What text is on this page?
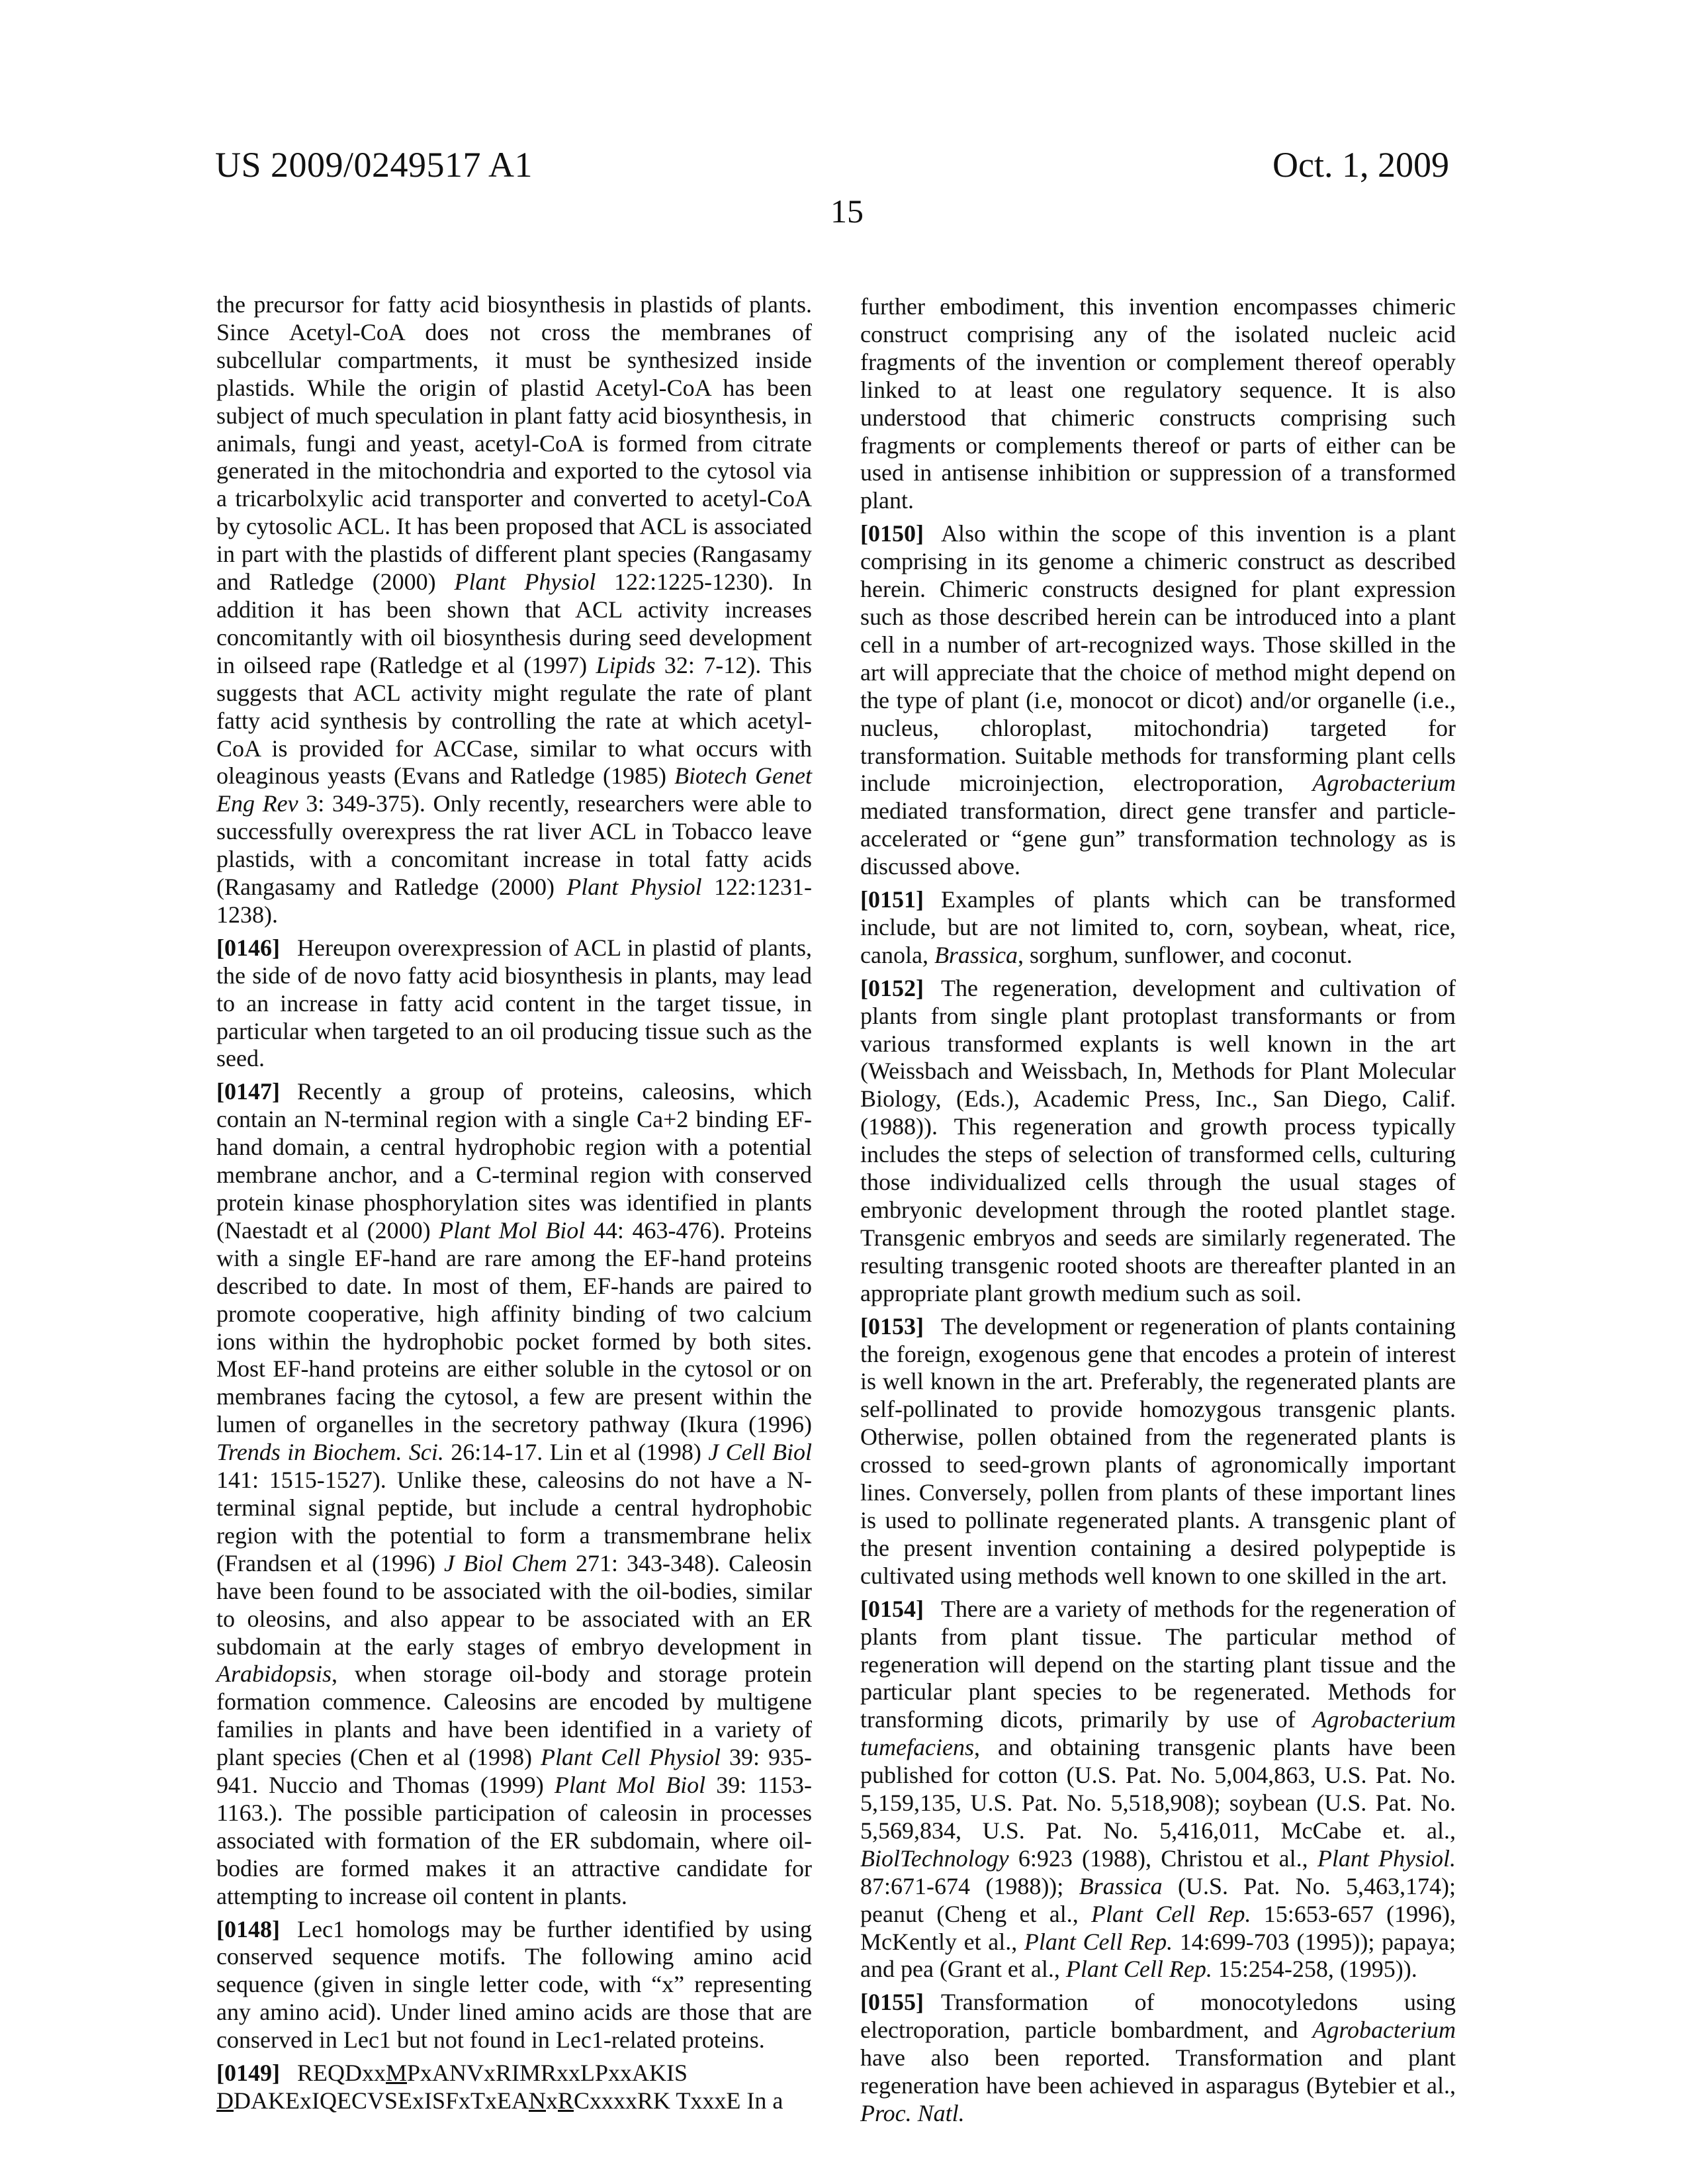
US 2009/0249517 A1	Oct. 1, 2009
15

the precursor for fatty acid biosynthesis in plastids of plants. Since Acetyl-CoA does not cross the membranes of subcellular compartments, it must be synthesized inside plastids. While the origin of plastid Acetyl-CoA has been subject of much speculation in plant fatty acid biosynthesis, in animals, fungi and yeast, acetyl-CoA is formed from citrate generated in the mitochondria and exported to the cytosol via a tricarbolxylic acid transporter and converted to acetyl-CoA by cytosolic ACL. It has been proposed that ACL is associated in part with the plastids of different plant species (Rangasamy and Ratledge (2000) Plant Physiol 122:1225-1230). In addition it has been shown that ACL activity increases concomitantly with oil biosynthesis during seed development in oilseed rape (Ratledge et al (1997) Lipids 32: 7-12). This suggests that ACL activity might regulate the rate of plant fatty acid synthesis by controlling the rate at which acetyl-CoA is provided for ACCase, similar to what occurs with oleaginous yeasts (Evans and Ratledge (1985) Biotech Genet Eng Rev 3: 349-375). Only recently, researchers were able to successfully overexpress the rat liver ACL in Tobacco leave plastids, with a concomitant increase in total fatty acids (Rangasamy and Ratledge (2000) Plant Physiol 122:1231-1238).

[0146] Hereupon overexpression of ACL in plastid of plants, the side of de novo fatty acid biosynthesis in plants, may lead to an increase in fatty acid content in the target tissue, in particular when targeted to an oil producing tissue such as the seed.

[0147] Recently a group of proteins, caleosins, which contain an N-terminal region with a single Ca+2 binding EF-hand domain, a central hydrophobic region with a potential membrane anchor, and a C-terminal region with conserved protein kinase phosphorylation sites was identified in plants (Naestadt et al (2000) Plant Mol Biol 44: 463-476). Proteins with a single EF-hand are rare among the EF-hand proteins described to date. In most of them, EF-hands are paired to promote cooperative, high affinity binding of two calcium ions within the hydrophobic pocket formed by both sites. Most EF-hand proteins are either soluble in the cytosol or on membranes facing the cytosol, a few are present within the lumen of organelles in the secretory pathway (Ikura (1996) Trends in Biochem. Sci. 26:14-17. Lin et al (1998) J Cell Biol 141: 1515-1527). Unlike these, caleosins do not have a N-terminal signal peptide, but include a central hydrophobic region with the potential to form a transmembrane helix (Frandsen et al (1996) J Biol Chem 271: 343-348). Caleosin have been found to be associated with the oil-bodies, similar to oleosins, and also appear to be associated with an ER subdomain at the early stages of embryo development in Arabidopsis, when storage oil-body and storage protein formation commence. Caleosins are encoded by multigene families in plants and have been identified in a variety of plant species (Chen et al (1998) Plant Cell Physiol 39: 935-941. Nuccio and Thomas (1999) Plant Mol Biol 39: 1153-1163.). The possible participation of caleosin in processes associated with formation of the ER subdomain, where oil-bodies are formed makes it an attractive candidate for attempting to increase oil content in plants.

[0148] Lec1 homologs may be further identified by using conserved sequence motifs. The following amino acid sequence (given in single letter code, with “x” representing any amino acid). Under lined amino acids are those that are conserved in Lec1 but not found in Lec1-related proteins.

[0149] REQDxxMPxANVxRIMRxxLPxxAKIS
DDAKExIQECVSExISFxTxEANxRCxxxxRK TxxxE In a

further embodiment, this invention encompasses chimeric construct comprising any of the isolated nucleic acid fragments of the invention or complement thereof operably linked to at least one regulatory sequence. It is also understood that chimeric constructs comprising such fragments or complements thereof or parts of either can be used in antisense inhibition or suppression of a transformed plant.

[0150] Also within the scope of this invention is a plant comprising in its genome a chimeric construct as described herein. Chimeric constructs designed for plant expression such as those described herein can be introduced into a plant cell in a number of art-recognized ways. Those skilled in the art will appreciate that the choice of method might depend on the type of plant (i.e, monocot or dicot) and/or organelle (i.e., nucleus, chloroplast, mitochondria) targeted for transformation. Suitable methods for transforming plant cells include microinjection, electroporation, Agrobacterium mediated transformation, direct gene transfer and particle-accelerated or “gene gun” transformation technology as is discussed above.

[0151] Examples of plants which can be transformed include, but are not limited to, corn, soybean, wheat, rice, canola, Brassica, sorghum, sunflower, and coconut.

[0152] The regeneration, development and cultivation of plants from single plant protoplast transformants or from various transformed explants is well known in the art (Weissbach and Weissbach, In, Methods for Plant Molecular Biology, (Eds.), Academic Press, Inc., San Diego, Calif. (1988)). This regeneration and growth process typically includes the steps of selection of transformed cells, culturing those individualized cells through the usual stages of embryonic development through the rooted plantlet stage. Transgenic embryos and seeds are similarly regenerated. The resulting transgenic rooted shoots are thereafter planted in an appropriate plant growth medium such as soil.

[0153] The development or regeneration of plants containing the foreign, exogenous gene that encodes a protein of interest is well known in the art. Preferably, the regenerated plants are self-pollinated to provide homozygous transgenic plants. Otherwise, pollen obtained from the regenerated plants is crossed to seed-grown plants of agronomically important lines. Conversely, pollen from plants of these important lines is used to pollinate regenerated plants. A transgenic plant of the present invention containing a desired polypeptide is cultivated using methods well known to one skilled in the art.

[0154] There are a variety of methods for the regeneration of plants from plant tissue. The particular method of regeneration will depend on the starting plant tissue and the particular plant species to be regenerated. Methods for transforming dicots, primarily by use of Agrobacterium tumefaciens, and obtaining transgenic plants have been published for cotton (U.S. Pat. No. 5,004,863, U.S. Pat. No. 5,159,135, U.S. Pat. No. 5,518,908); soybean (U.S. Pat. No. 5,569,834, U.S. Pat. No. 5,416,011, McCabe et. al., BiolTechnology 6:923 (1988), Christou et al., Plant Physiol. 87:671-674 (1988)); Brassica (U.S. Pat. No. 5,463,174); peanut (Cheng et al., Plant Cell Rep. 15:653-657 (1996), McKently et al., Plant Cell Rep. 14:699-703 (1995)); papaya; and pea (Grant et al., Plant Cell Rep. 15:254-258, (1995)).

[0155] Transformation of monocotyledons using electroporation, particle bombardment, and Agrobacterium have also been reported. Transformation and plant regeneration have been achieved in asparagus (Bytebier et al., Proc. Natl.
